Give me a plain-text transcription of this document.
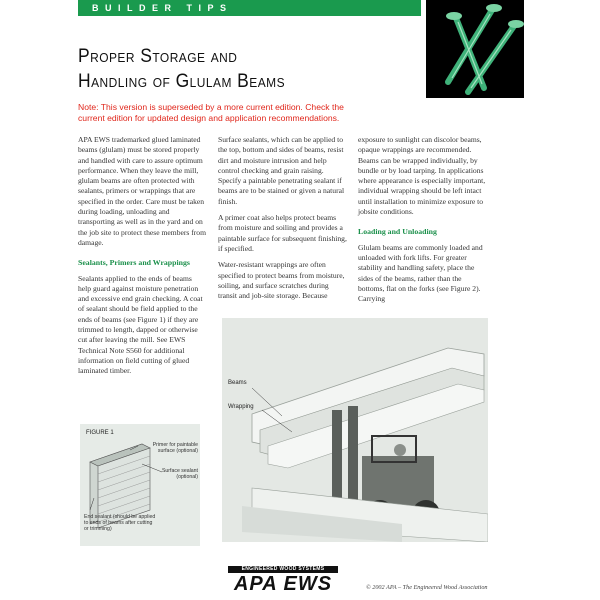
BUILDER TIPS
Proper Storage and
Handling of Glulam Beams
Note: This version is superseded by a more current edition. Check the current edition for updated design and application recommendations.

APA EWS trademarked glued laminated beams (glulam) must be stored properly and handled with care to assure optimum performance. When they leave the mill, glulam beams are often protected with sealants, primers or wrappings that are specified in the order. Care must be taken during loading, unloading and transporting as well as in the yard and on the job site to protect these members from damage.

Sealants, Primers and Wrappings

Sealants applied to the ends of beams help guard against moisture penetration and excessive end grain checking. A coat of sealant should be field applied to the ends of beams (see Figure 1) if they are trimmed to length, dapped or otherwise cut after leaving the mill. See EWS Technical Note S560 for additional information on field cutting of glued laminated timber.

Surface sealants, which can be applied to the top, bottom and sides of beams, resist dirt and moisture intrusion and help control checking and grain raising. Specify a paintable penetrating sealant if beams are to be stained or given a natural finish.

A primer coat also helps protect beams from moisture and soiling and provides a paintable surface for subsequent finishing, if specified.

Water-resistant wrappings are often specified to protect beams from moisture, soiling, and surface scratches during transit and job-site storage. Because

exposure to sunlight can discolor beams, opaque wrappings are recommended. Beams can be wrapped individually, by bundle or by load tarping. In applications where appearance is especially important, individual wrapping should be left intact until installation to minimize exposure to jobsite conditions.

Loading and Unloading

Glulam beams are commonly loaded and unloaded with fork lifts. For greater stability and handling safety, place the sides of the beams, rather than the bottoms, flat on the forks (see Figure 2). Carrying

FIGURE 1
Primer for paintable surface (optional)
Surface sealant (optional)
End sealant (should be applied to ends of beams after cutting or trimming)
Beams
Wrapping
ENGINEERED WOOD SYSTEMS
APA EWS	© 2002 APA – The Engineered Wood Association
